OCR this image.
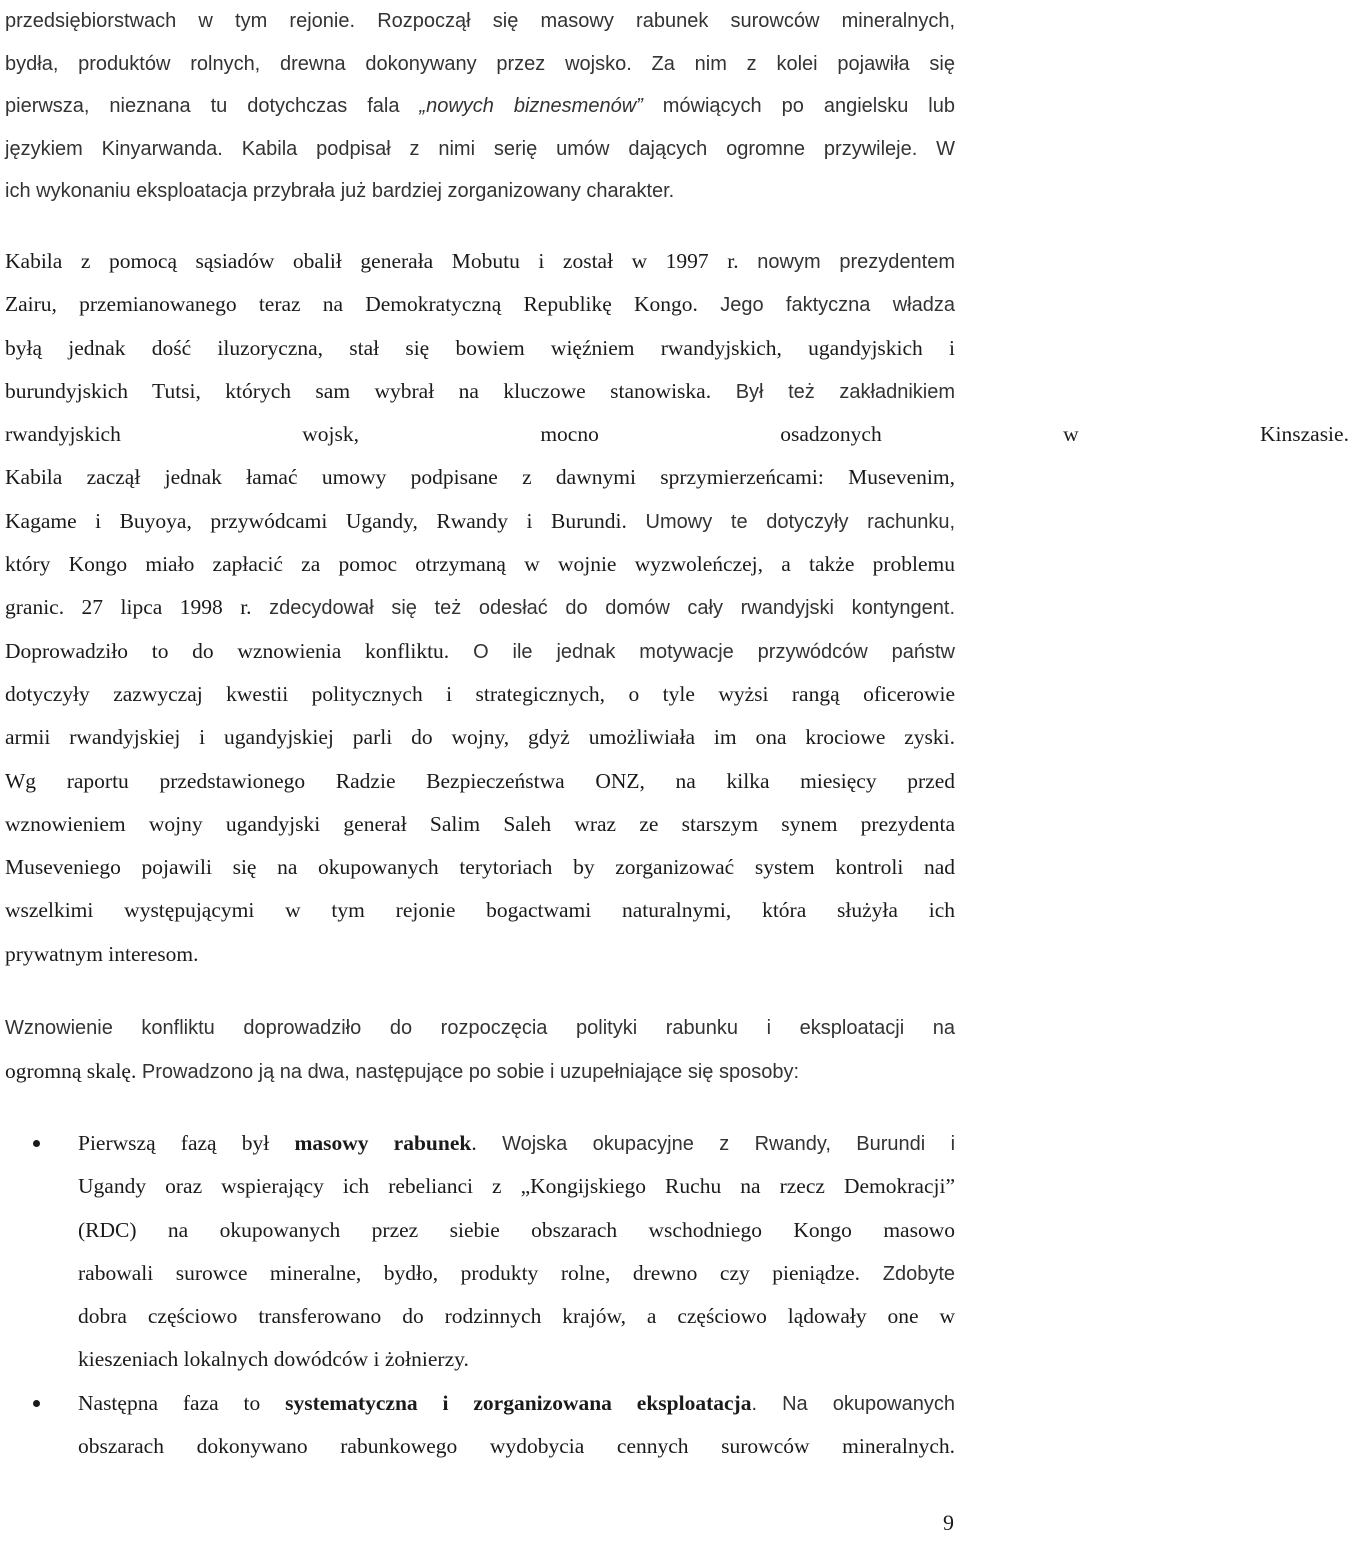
przedsiębiorstwach w tym rejonie. Rozpoczął się masowy rabunek surowców mineralnych,
bydła, produktów rolnych, drewna dokonywany przez wojsko. Za nim z kolei pojawiła się
pierwsza, nieznana tu dotychczas fala „nowych biznesmenów” mówiących po angielsku lub
językiem Kinyarwanda. Kabila podpisał z nimi serię umów dających ogromne przywileje. W
ich wykonaniu eksploatacja przybrała już bardziej zorganizowany charakter.
Kabila z pomocą sąsiadów obalił generała Mobutu i został w 1997 r. nowym prezydentem
Zairu, przemianowanego teraz na Demokratyczną Republikę Kongo. Jego faktyczna władza
byłą jednak dość iluzoryczna, stał się bowiem więźniem rwandyjskich, ugandyjskich i
burundyjskich Tutsi, których sam wybrał na kluczowe stanowiska. Był też zakładnikiem
rwandyjskich wojsk, mocno osadzonych w Kinszasie.
Kabila zaczął jednak łamać umowy podpisane z dawnymi sprzymierzeńcami: Musevenim,
Kagame i Buyoya, przywódcami Ugandy, Rwandy i Burundi. Umowy te dotyczyły rachunku,
który Kongo miało zapłacić za pomoc otrzymaną w wojnie wyzwoleńczej, a także problemu
granic. 27 lipca 1998 r. zdecydował się też odesłać do domów cały rwandyjski kontyngent.
Doprowadziło to do wznowienia konfliktu. O ile jednak motywacje przywódców państw
dotyczyły zazwyczaj kwestii politycznych i strategicznych, o tyle wyżsi rangą oficerowie
armii rwandyjskiej i ugandyjskiej parli do wojny, gdyż umożliwiała im ona krociowe zyski.
Wg raportu przedstawionego Radzie Bezpieczeństwa ONZ, na kilka miesięcy przed
wznowieniem wojny ugandyjski generał Salim Saleh wraz ze starszym synem prezydenta
Museveniego pojawili się na okupowanych terytoriach by zorganizować system kontroli nad
wszelkimi występującymi w tym rejonie bogactwami naturalnymi, która służyła ich
prywatnym interesom.
Wznowienie konfliktu doprowadziło do rozpoczęcia polityki rabunku i eksploatacji na
ogromną skalę. Prowadzono ją na dwa, następujące po sobie i uzupełniające się sposoby:
Pierwszą fazą był masowy rabunek. Wojska okupacyjne z Rwandy, Burundi i
Ugandy oraz wspierający ich rebelianci z „Kongijskiego Ruchu na rzecz Demokracji”
(RDC) na okupowanych przez siebie obszarach wschodniego Kongo masowo
rabowali surowce mineralne, bydło, produkty rolne, drewno czy pieniądze. Zdobyte
dobra częściowo transferowano do rodzinnych krajów, a częściowo lądowały one w
kieszeniach lokalnych dowódców i żołnierzy.
Następna faza to systematyczna i zorganizowana eksploatacja. Na okupowanych
obszarach dokonywano rabunkowego wydobycia cennych surowców mineralnych.
9
